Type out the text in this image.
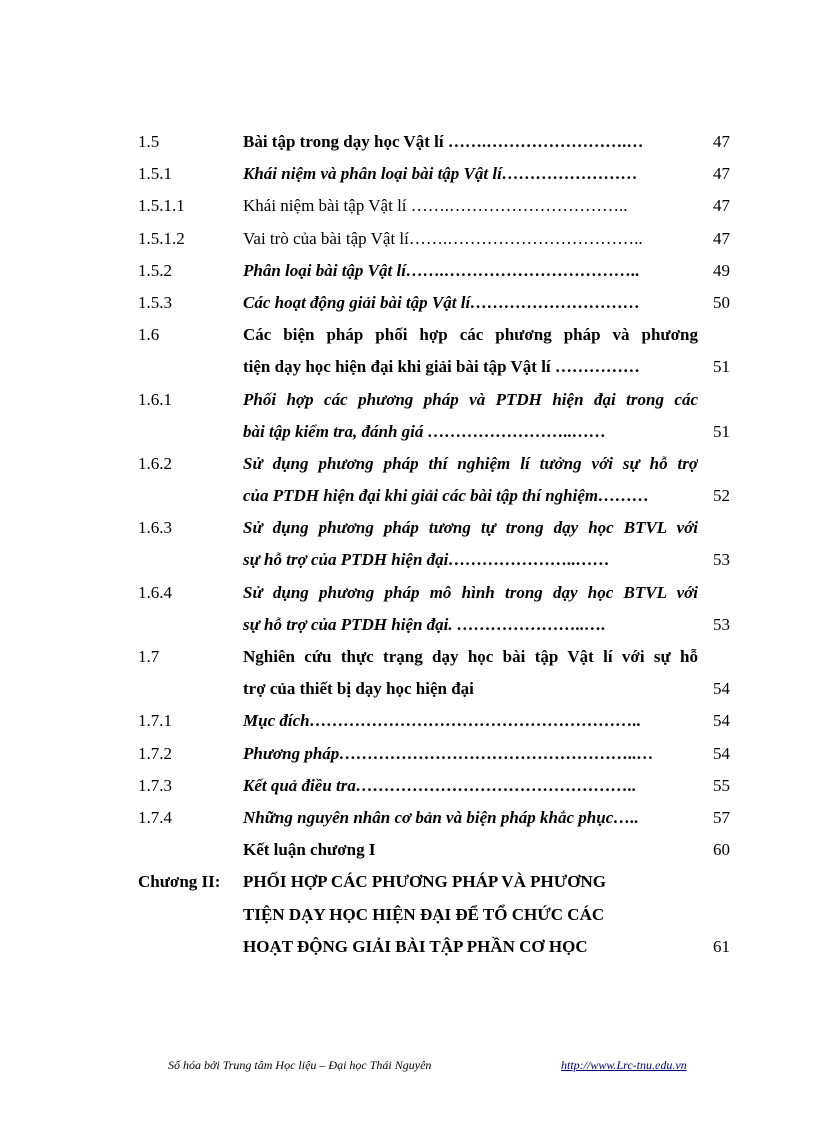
1.5	Bài tập trong dạy học Vật lí …….…………………….…	47
1.5.1	Khái niệm và phân loại bài tập Vật lí……………………	47
1.5.1.1	Khái niệm bài tập Vật lí …….…………………………..	47
1.5.1.2	Vai trò của bài tập Vật lí…….……………………………..	47
1.5.2	Phân loại bài tập Vật lí…….……………………………..	49
1.5.3	Các hoạt động giải bài tập Vật lí…………………………	50
1.6	Các biện pháp phối hợp các phương pháp và phương
tiện dạy học hiện đại khi giải bài tập Vật lí ……………	51
1.6.1	Phối hợp các phương pháp và PTDH hiện đại trong các
bài tập kiểm tra, đánh giá ……………………..……	51
1.6.2	Sử dụng phương pháp thí nghiệm lí tưởng với sự hỗ trợ
của PTDH hiện đại khi giải các bài tập thí nghiệm………	52
1.6.3	Sử dụng phương pháp tương tự trong dạy học BTVL với
sự hỗ trợ của PTDH hiện đại…………………..……	53
1.6.4	Sử dụng phương pháp mô hình trong dạy học BTVL với
sự hỗ trợ của PTDH hiện đại. …………………..….	53
1.7	Nghiên cứu thực trạng dạy học bài tập Vật lí với sự hỗ
trợ của thiết bị dạy học hiện đại	54
1.7.1	Mục đích…………………………………………………..	54
1.7.2	Phương pháp……………………………………………..…	54
1.7.3	Kết quả điều tra…………………………………………..	55
1.7.4	Những nguyên nhân cơ bản và biện pháp khắc phục…..	57
Kết luận chương I	60
Chương II: PHỐI HỢP CÁC PHƯƠNG PHÁP VÀ PHƯƠNG
TIỆN DẠY HỌC HIỆN ĐẠI ĐỂ TỔ CHỨC CÁC
HOẠT ĐỘNG GIẢI BÀI TẬP PHẦN CƠ HỌC	61
Số hóa bởi Trung tâm Học liệu – Đại học Thái Nguyên	http://www.Lrc-tnu.edu.vn
